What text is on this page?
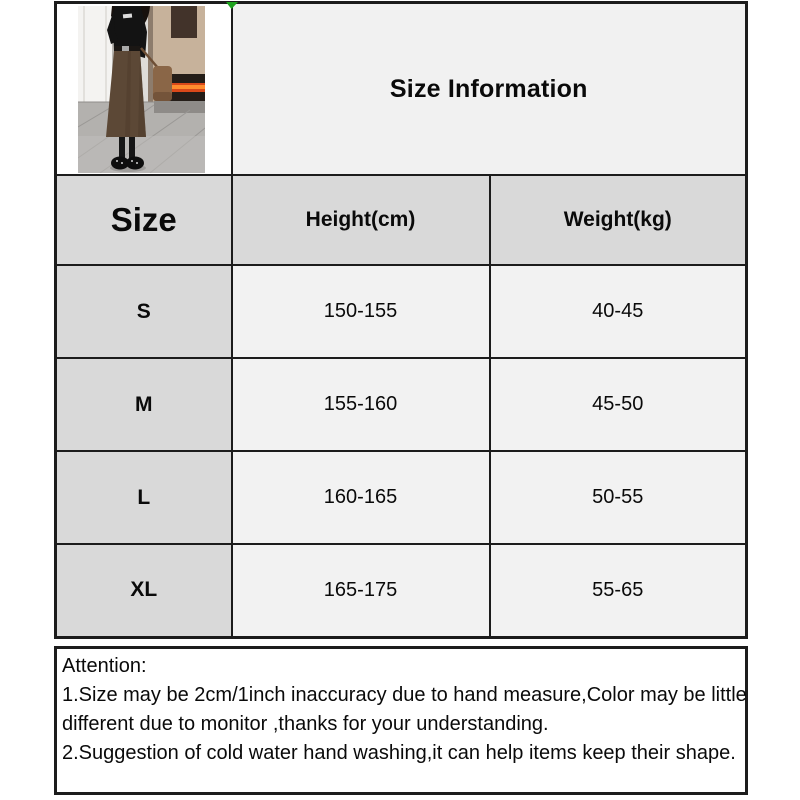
	Size Information	
Size	Height(cm)	Weight(kg)
S	150-155	40-45
M	155-160	45-50
L	160-165	50-55
XL	165-175	55-65
Attention:
1.Size may be 2cm/1inch inaccuracy due to hand measure,Color may be little
different due to monitor ,thanks for your understanding.
2.Suggestion of cold water hand washing,it can help items keep their shape.
